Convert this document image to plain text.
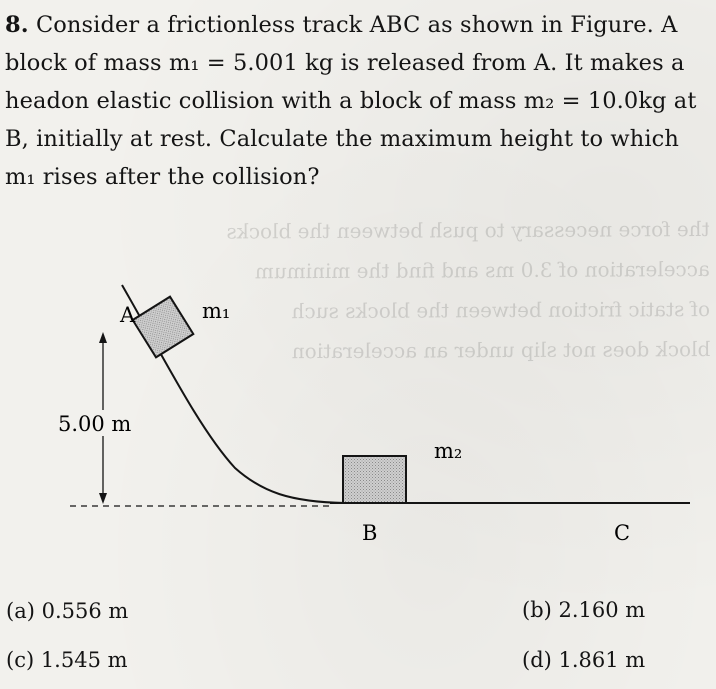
the force necessary to push between the blocks
acceleration of 3.0 ms and find the minimum
of static friction between the blocks such
block does not slip under an acceleration
8. Consider a frictionless track ABC as shown in Figure. A
block of mass m₁ = 5.001 kg is released from A. It makes a
headon elastic collision with a block of mass m₂ = 10.0kg at
B, initially at rest. Calculate the maximum height to which
m₁ rises after the collision?
A	m₁
m₂
5.00 m
B	C
(a) 0.556 m	(b) 2.160 m
(c) 1.545 m	(d) 1.861 m
